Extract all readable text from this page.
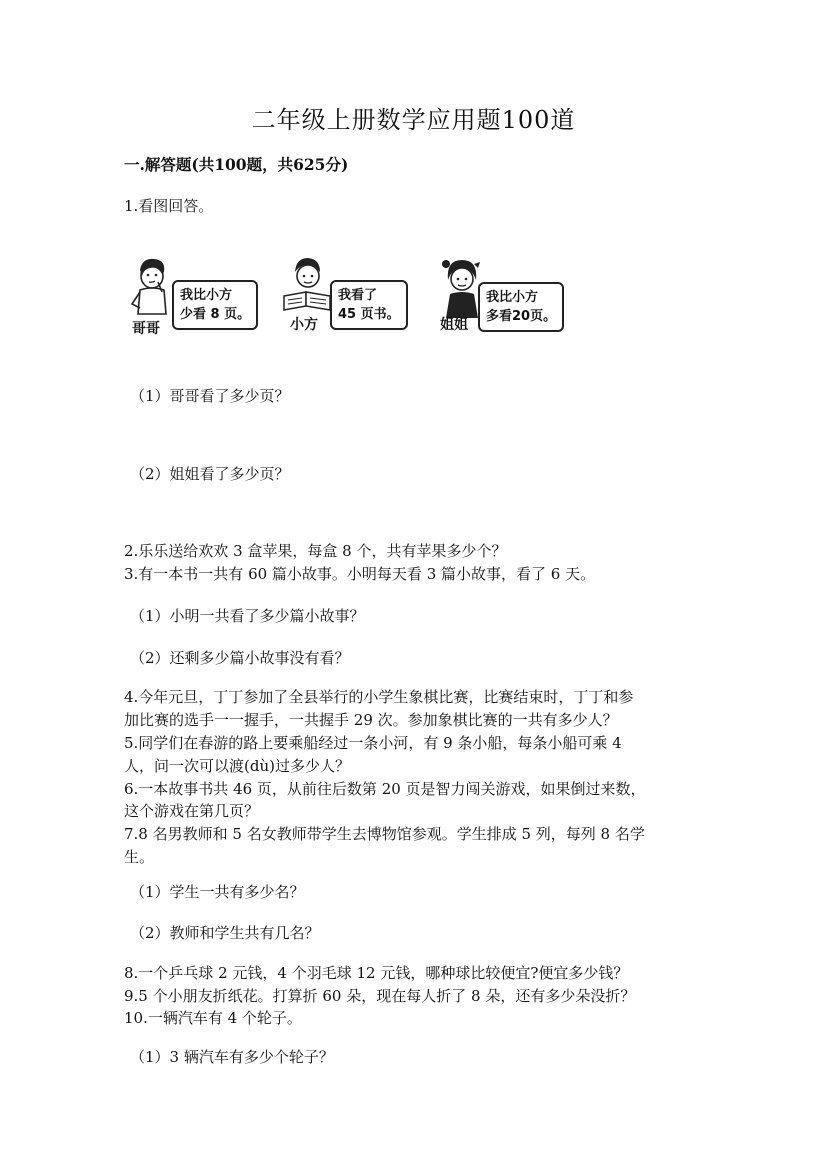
二年级上册数学应用题100道
一.解答题(共100题，共625分)
1.看图回答。
哥哥
我比小方
少看 8 页。
小方
我看了
45 页书。
姐姐
我比小方
多看20页。
（1）哥哥看了多少页？
（2）姐姐看了多少页？
2.乐乐送给欢欢 3 盒苹果，每盒 8 个，共有苹果多少个？
3.有一本书一共有 60 篇小故事。小明每天看 3 篇小故事，看了 6 天。
（1）小明一共看了多少篇小故事？
（2）还剩多少篇小故事没有看？
4.今年元旦，丁丁参加了全县举行的小学生象棋比赛，比赛结束时，丁丁和参
加比赛的选手一一握手，一共握手 29 次。参加象棋比赛的一共有多少人？
5.同学们在春游的路上要乘船经过一条小河，有 9 条小船，每条小船可乘 4
人，问一次可以渡(dù)过多少人？
6.一本故事书共 46 页，从前往后数第 20 页是智力闯关游戏，如果倒过来数，
这个游戏在第几页？
7.8 名男教师和 5 名女教师带学生去博物馆参观。学生排成 5 列，每列 8 名学
生。
（1）学生一共有多少名？
（2）教师和学生共有几名？
8.一个乒乓球 2 元钱，4 个羽毛球 12 元钱，哪种球比较便宜?便宜多少钱？
9.5 个小朋友折纸花。打算折 60 朵，现在每人折了 8 朵，还有多少朵没折？
10.一辆汽车有 4 个轮子。
（1）3 辆汽车有多少个轮子？
